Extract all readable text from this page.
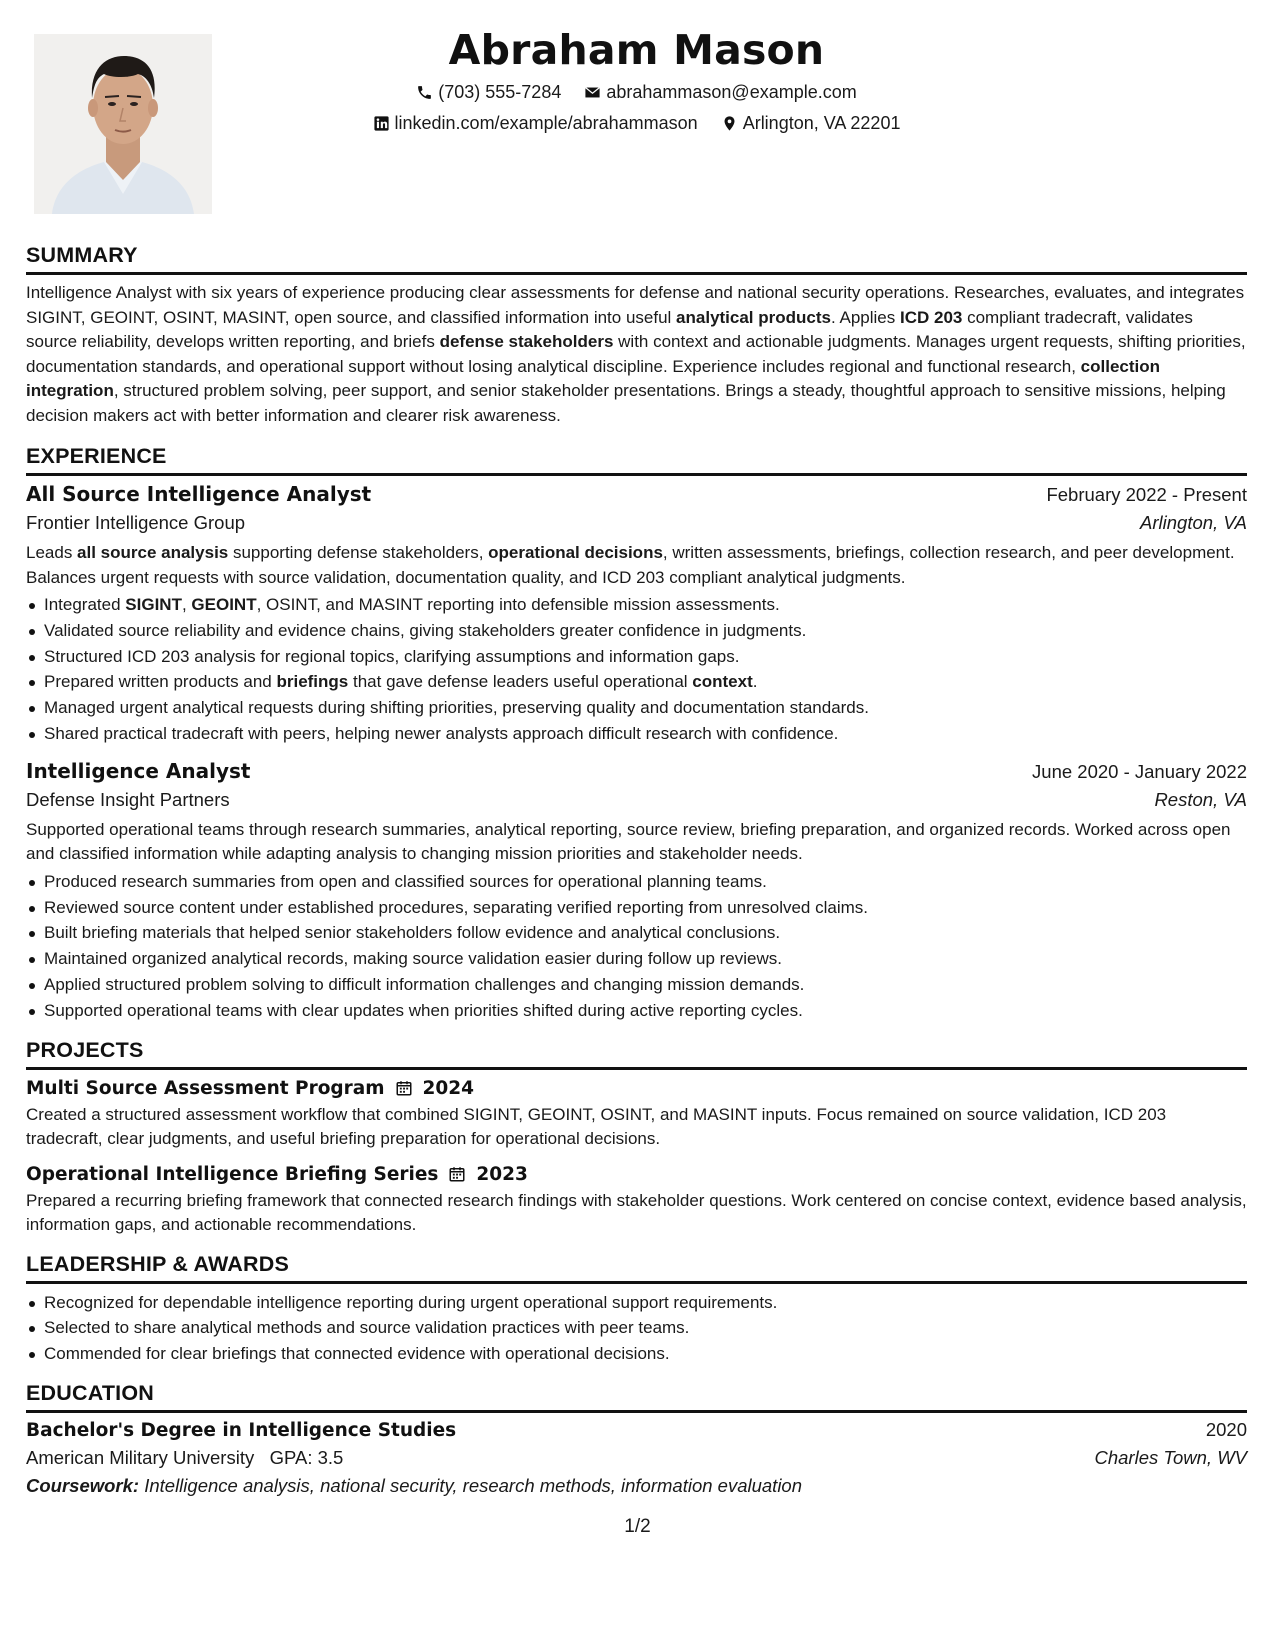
Abraham Mason
(703) 555-7284
	abrahammason@example.com
linkedin.com/example/abrahammason
	Arlington, VA 22201
SUMMARY

Intelligence Analyst with six years of experience producing clear assessments for defense and national security operations. Researches, evaluates, and integrates SIGINT, GEOINT, OSINT, MASINT, open source, and classified information into useful analytical products. Applies ICD 203 compliant tradecraft, validates source reliability, develops written reporting, and briefs defense stakeholders with context and actionable judgments. Manages urgent requests, shifting priorities, documentation standards, and operational support without losing analytical discipline. Experience includes regional and functional research, collection integration, structured problem solving, peer support, and senior stakeholder presentations. Brings a steady, thoughtful approach to sensitive missions, helping decision makers act with better information and clearer risk awareness.

EXPERIENCE
All Source Intelligence Analyst	February 2022 - Present
Frontier Intelligence Group	Arlington, VA

Leads all source analysis supporting defense stakeholders, operational decisions, written assessments, briefings, collection research, and peer development. Balances urgent requests with source validation, documentation quality, and ICD 203 compliant analytical judgments.

Integrated SIGINT, GEOINT, OSINT, and MASINT reporting into defensible mission assessments.
Validated source reliability and evidence chains, giving stakeholders greater confidence in judgments.
Structured ICD 203 analysis for regional topics, clarifying assumptions and information gaps.
Prepared written products and briefings that gave defense leaders useful operational context.
Managed urgent analytical requests during shifting priorities, preserving quality and documentation standards.
Shared practical tradecraft with peers, helping newer analysts approach difficult research with confidence.
Intelligence Analyst	June 2020 - January 2022
Defense Insight Partners	Reston, VA

Supported operational teams through research summaries, analytical reporting, source review, briefing preparation, and organized records. Worked across open and classified information while adapting analysis to changing mission priorities and stakeholder needs.

Produced research summaries from open and classified sources for operational planning teams.
Reviewed source content under established procedures, separating verified reporting from unresolved claims.
Built briefing materials that helped senior stakeholders follow evidence and analytical conclusions.
Maintained organized analytical records, making source validation easier during follow up reviews.
Applied structured problem solving to difficult information challenges and changing mission demands.
Supported operational teams with clear updates when priorities shifted during active reporting cycles.
PROJECTS
Multi Source Assessment Program 2024

Created a structured assessment workflow that combined SIGINT, GEOINT, OSINT, and MASINT inputs. Focus remained on source validation, ICD 203 tradecraft, clear judgments, and useful briefing preparation for operational decisions.

Operational Intelligence Briefing Series 2023

Prepared a recurring briefing framework that connected research findings with stakeholder questions. Work centered on concise context, evidence based analysis, information gaps, and actionable recommendations.

LEADERSHIP & AWARDS
Recognized for dependable intelligence reporting during urgent operational support requirements.
Selected to share analytical methods and source validation practices with peer teams.
Commended for clear briefings that connected evidence with operational decisions.
EDUCATION
Bachelor's Degree in Intelligence Studies	2020
American Military University GPA: 3.5	Charles Town, WV
Coursework: Intelligence analysis, national security, research methods, information evaluation
1/2
